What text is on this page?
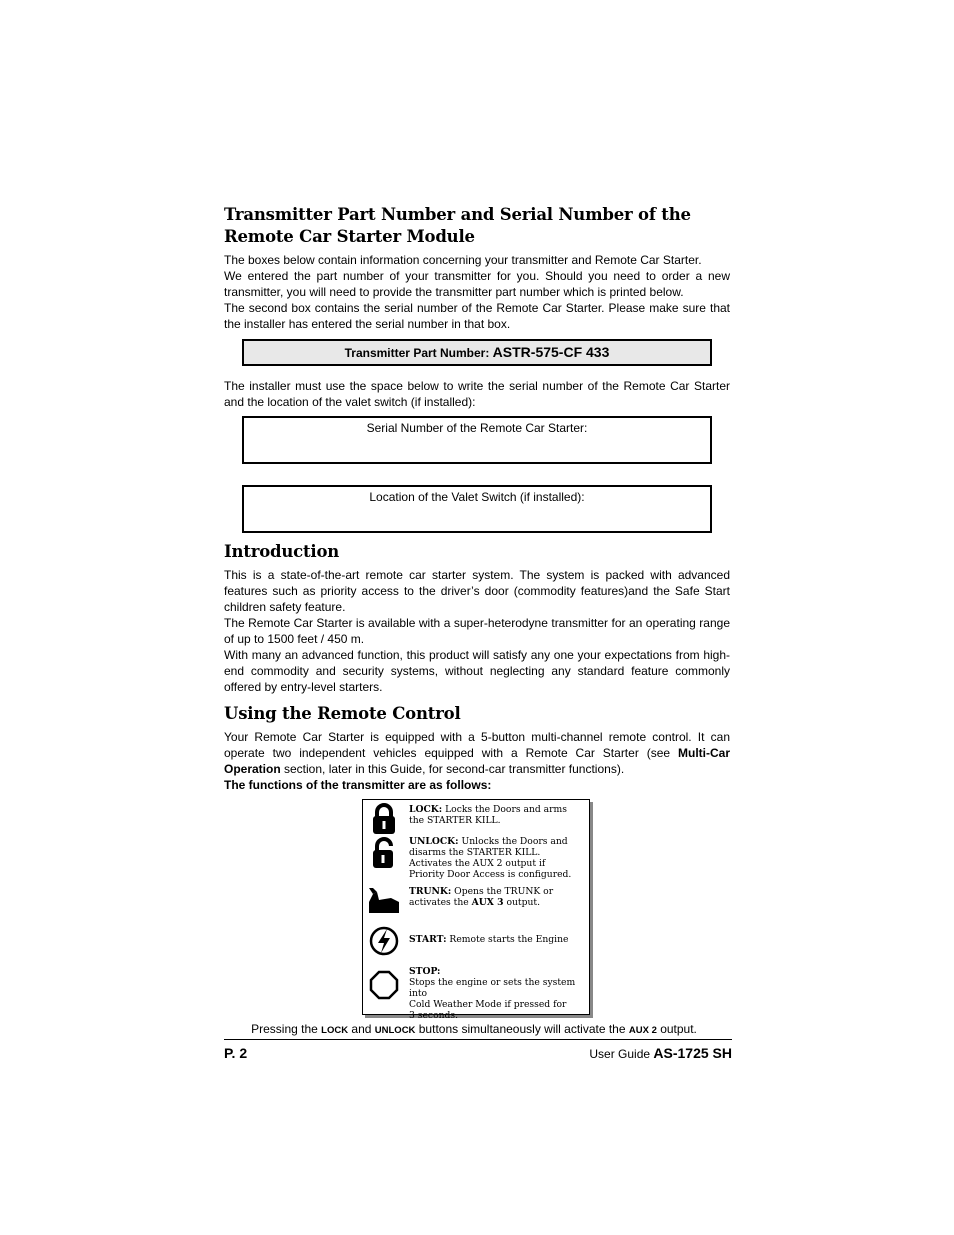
Transmitter Part Number and Serial Number of the Remote Car Starter Module

The boxes below contain information concerning your transmitter and Remote Car Starter.

We entered the part number of your transmitter for you. Should you need to order a new transmitter, you will need to provide the transmitter part number which is printed below.

The second box contains the serial number of the Remote Car Starter. Please make sure that the installer has entered the serial number in that box.

Transmitter Part Number: ASTR-575-CF 433

The installer must use the space below to write the serial number of the Remote Car Starter and the location of the valet switch (if installed):

Serial Number of the Remote Car Starter:
Location of the Valet Switch (if installed):
Introduction

This is a state-of-the-art remote car starter system. The system is packed with advanced features such as priority access to the driver’s door (commodity features)and the Safe Start children safety feature.

The Remote Car Starter is available with a super-heterodyne transmitter for an operating range of up to 1500 feet / 450 m.

With many an advanced function, this product will satisfy any one your expectations from high-end commodity and security systems, without neglecting any standard feature commonly offered by entry-level starters.

Using the Remote Control

Your Remote Car Starter is equipped with a 5-button multi-channel remote control. It can operate two independent vehicles equipped with a Remote Car Starter (see Multi-Car Operation section, later in this Guide, for second-car transmitter functions).

The functions of the transmitter are as follows:

LOCK: Locks the Doors and arms
the STARTER KILL.
UNLOCK: Unlocks the Doors and
disarms the STARTER KILL.
Activates the AUX 2 output if
Priority Door Access is configured.
TRUNK: Opens the TRUNK or
activates the AUX 3 output.
START: Remote starts the Engine
STOP:
Stops the engine or sets the system into
Cold Weather Mode if pressed for
3 seconds.

Pressing the LOCK and UNLOCK buttons simultaneously will activate the AUX 2 output.

P. 2	User Guide AS-1725 SH
